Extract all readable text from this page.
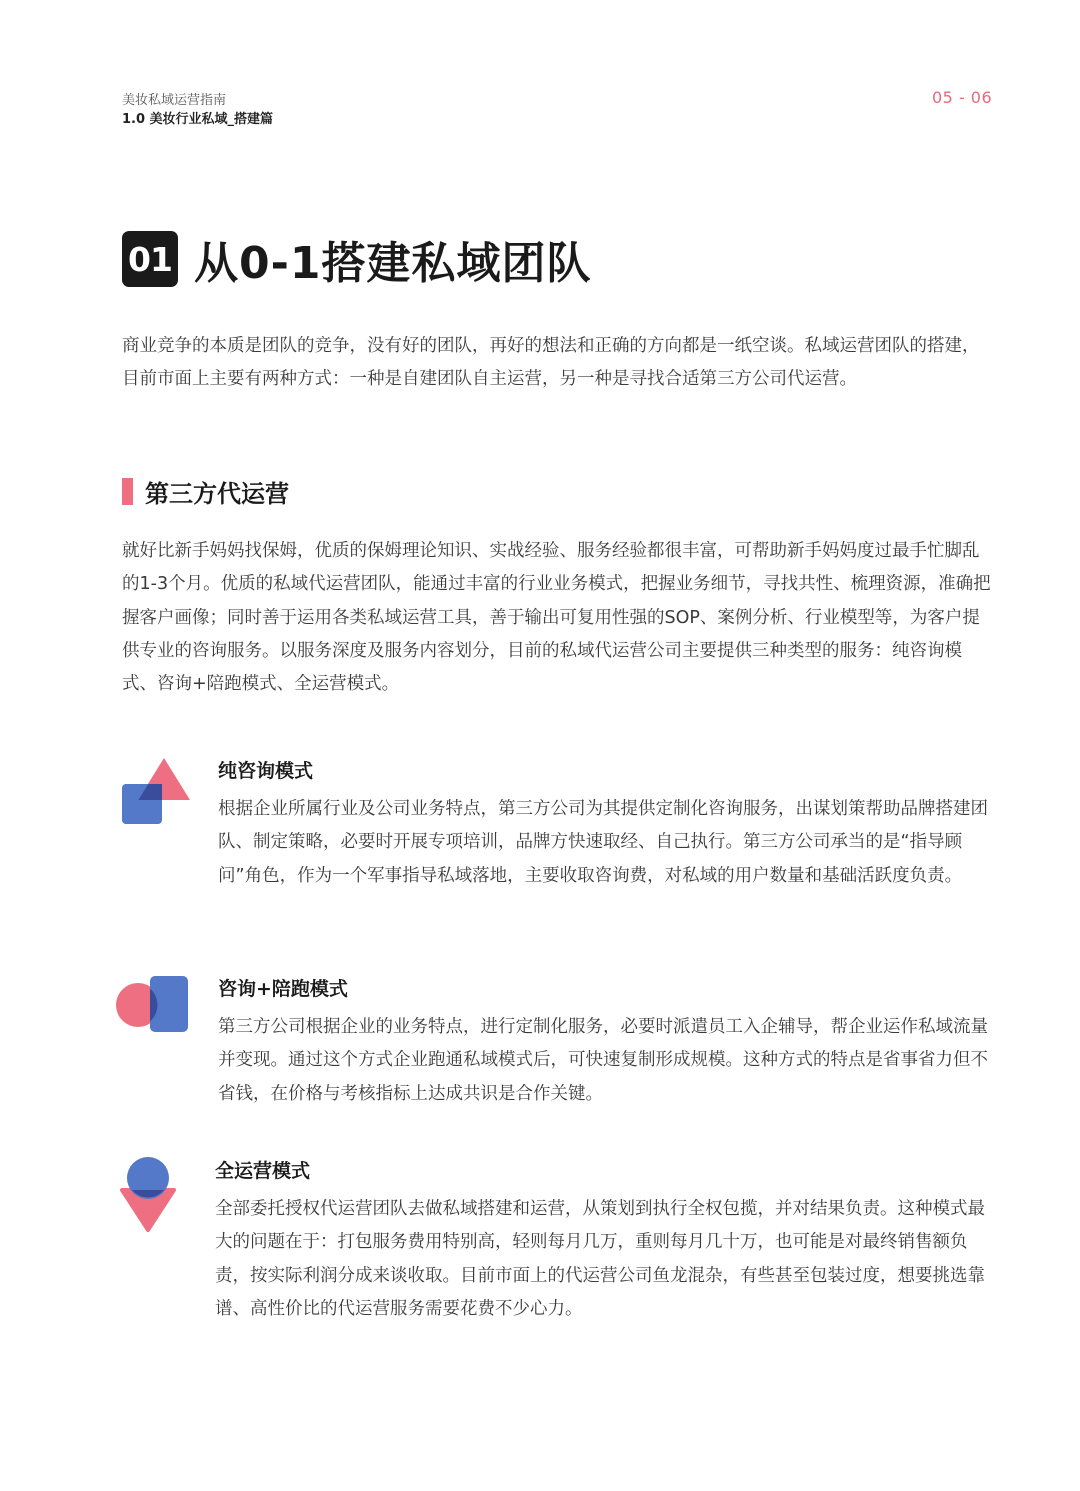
美妆私域运营指南
1.0 美妆行业私域_搭建篇
05 - 06
01 从0-1搭建私域团队

商业竞争的本质是团队的竞争，没有好的团队，再好的想法和正确的方向都是一纸空谈。私域运营团队的搭建，目前市面上主要有两种方式：一种是自建团队自主运营，另一种是寻找合适第三方公司代运营。

第三方代运营

就好比新手妈妈找保姆，优质的保姆理论知识、实战经验、服务经验都很丰富，可帮助新手妈妈度过最手忙脚乱的1-3个月。优质的私域代运营团队，能通过丰富的行业业务模式，把握业务细节，寻找共性、梳理资源，准确把握客户画像；同时善于运用各类私域运营工具，善于输出可复用性强的SOP、案例分析、行业模型等，为客户提供专业的咨询服务。以服务深度及服务内容划分，目前的私域代运营公司主要提供三种类型的服务：纯咨询模式、咨询+陪跑模式、全运营模式。

纯咨询模式

根据企业所属行业及公司业务特点，第三方公司为其提供定制化咨询服务，出谋划策帮助品牌搭建团队、制定策略，必要时开展专项培训，品牌方快速取经、自己执行。第三方公司承当的是“指导顾问”角色，作为一个军事指导私域落地，主要收取咨询费，对私域的用户数量和基础活跃度负责。

咨询+陪跑模式

第三方公司根据企业的业务特点，进行定制化服务，必要时派遣员工入企辅导，帮企业运作私域流量并变现。通过这个方式企业跑通私域模式后，可快速复制形成规模。这种方式的特点是省事省力但不省钱，在价格与考核指标上达成共识是合作关键。

全运营模式

全部委托授权代运营团队去做私域搭建和运营，从策划到执行全权包揽，并对结果负责。这种模式最大的问题在于：打包服务费用特别高，轻则每月几万，重则每月几十万，也可能是对最终销售额负责，按实际利润分成来谈收取。目前市面上的代运营公司鱼龙混杂，有些甚至包装过度，想要挑选靠谱、高性价比的代运营服务需要花费不少心力。
